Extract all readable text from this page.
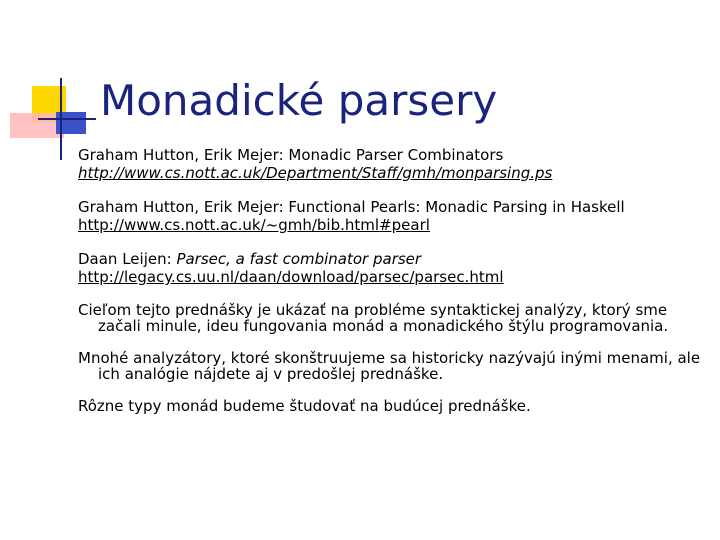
Monadické parsery
Graham Hutton, Erik Mejer: Monadic Parser Combinators
http://www.cs.nott.ac.uk/Department/Staff/gmh/monparsing.ps
Graham Hutton, Erik Mejer: Functional Pearls: Monadic Parsing in Haskell
http://www.cs.nott.ac.uk/~gmh/bib.html#pearl
Daan Leijen: Parsec, a fast combinator parser
http://legacy.cs.uu.nl/daan/download/parsec/parsec.html
Cieľom tejto prednášky je ukázať na probléme syntaktickej analýzy, ktorý sme začali minule, ideu fungovania monád a monadického štýlu programovania.
Mnohé analyzátory, ktoré skonštruujeme sa historicky nazývajú inými menami, ale ich analógie nájdete aj v predošlej prednáške.
Rôzne typy monád budeme študovať na budúcej prednáške.
